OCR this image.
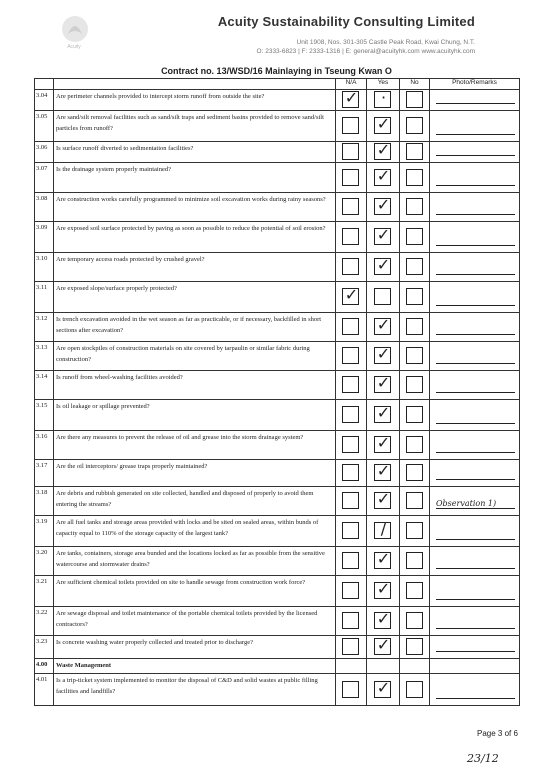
Acuity
Acuity Sustainability Consulting Limited
Unit 1908, Nos. 301-305 Castle Peak Road, Kwai Chung, N.T.
O: 2333-6823 | F: 2333-1316 | E: general@acuityhk.com www.acuityhk.com
Contract no. 13/WSD/16 Mainlaying in Tseung Kwan O
		N/A	Yes	No	Photo/Remarks
3.04	Are perimeter channels provided to intercept storm runoff from outside the site?	✓	·		

3.05	Are sand/silt removal facilities such as sand/silt traps and sediment basins provided to remove sand/silt particles from runoff?		✓		

3.06	Is surface runoff diverted to sedimentation facilities?		✓		

3.07	Is the drainage system properly maintained?		✓		

3.08	Are construction works carefully programmed to minimize soil excavation works during rainy seasons?		✓		

3.09	Are exposed soil surface protected by paving as soon as possible to reduce the potential of soil erosion?		✓		

3.10	Are temporary access roads protected by crushed gravel?		✓		

3.11	Are exposed slope/surface properly protected?	✓			

3.12	Is trench excavation avoided in the wet season as far as practicable, or if necessary, backfilled in short sections after excavation?		✓		

3.13	Are open stockpiles of construction materials on site covered by tarpaulin or similar fabric during construction?		✓		

3.14	Is runoff from wheel-washing facilities avoided?		✓		

3.15	Is oil leakage or spillage prevented?		✓		

3.16	Are there any measures to prevent the release of oil and grease into the storm drainage system?		✓		

3.17	Are the oil interceptors/ grease traps properly maintained?		✓		

3.18	Are debris and rubbish generated on site collected, handled and disposed of properly to avoid them entering the streams?		✓		Observation 1)

3.19	Are all fuel tanks and storage areas provided with locks and be sited on sealed areas, within bunds of capacity equal to 110% of the storage capacity of the largest tank?		/		

3.20	Are tanks, containers, storage area bunded and the locations locked as far as possible from the sensitive watercourse and stormwater drains?		✓		

3.21	Are sufficient chemical toilets provided on site to handle sewage from construction work force?		✓		

3.22	Are sewage disposal and toilet maintenance of the portable chemical toilets provided by the licensed contractors?		✓		

3.23	Is concrete washing water properly collected and treated prior to discharge?		✓		

4.00	Waste Management				
4.01	Is a trip-ticket system implemented to monitor the disposal of C&D and solid wastes at public filling facilities and landfills?		✓		

Page 3 of 6
23/12
